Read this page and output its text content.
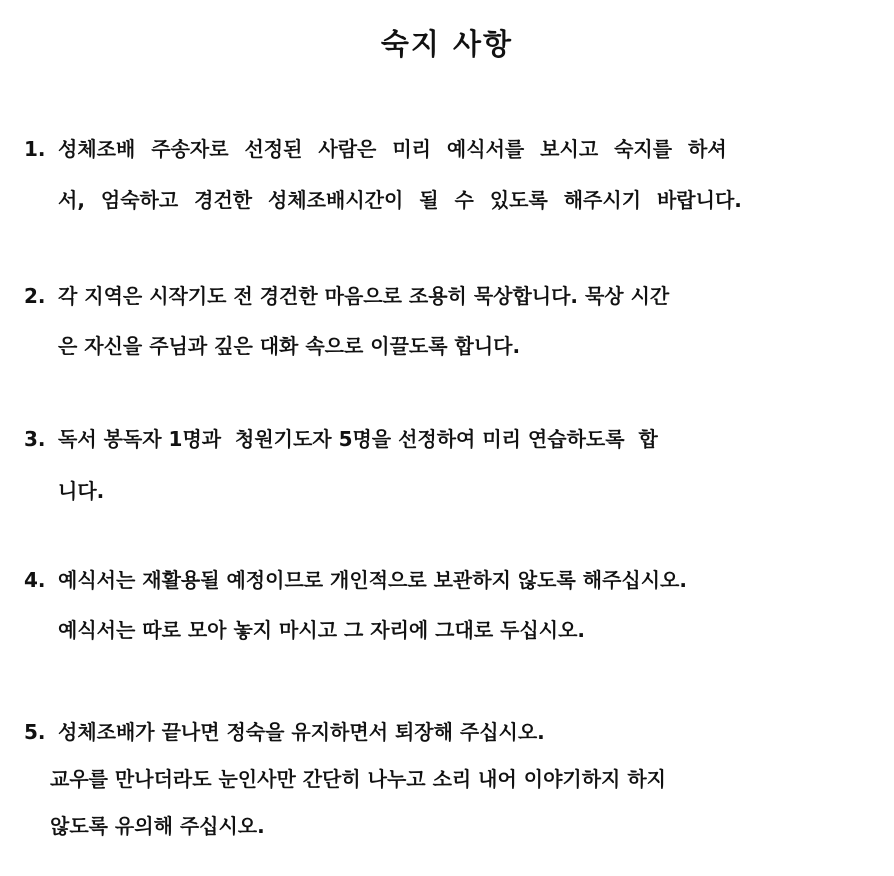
숙지 사항
1. 성체조배 주송자로 선정된 사람은 미리 예식서를 보시고 숙지를 하셔
서, 엄숙하고 경건한 성체조배시간이 될 수 있도록 해주시기 바랍니다.
2. 각 지역은 시작기도 전 경건한 마음으로 조용히 묵상합니다. 묵상 시간
은 자신을 주님과 깊은 대화 속으로 이끌도록 합니다.
3. 독서 봉독자 1명과  청원기도자 5명을 선정하여 미리 연습하도록  합
니다.
4. 예식서는 재활용될 예정이므로 개인적으로 보관하지 않도록 해주십시오.
예식서는 따로 모아 놓지 마시고 그 자리에 그대로 두십시오.
5. 성체조배가 끝나면 정숙을 유지하면서 퇴장해 주십시오.
교우를 만나더라도 눈인사만 간단히 나누고 소리 내어 이야기하지 하지
않도록 유의해 주십시오.
